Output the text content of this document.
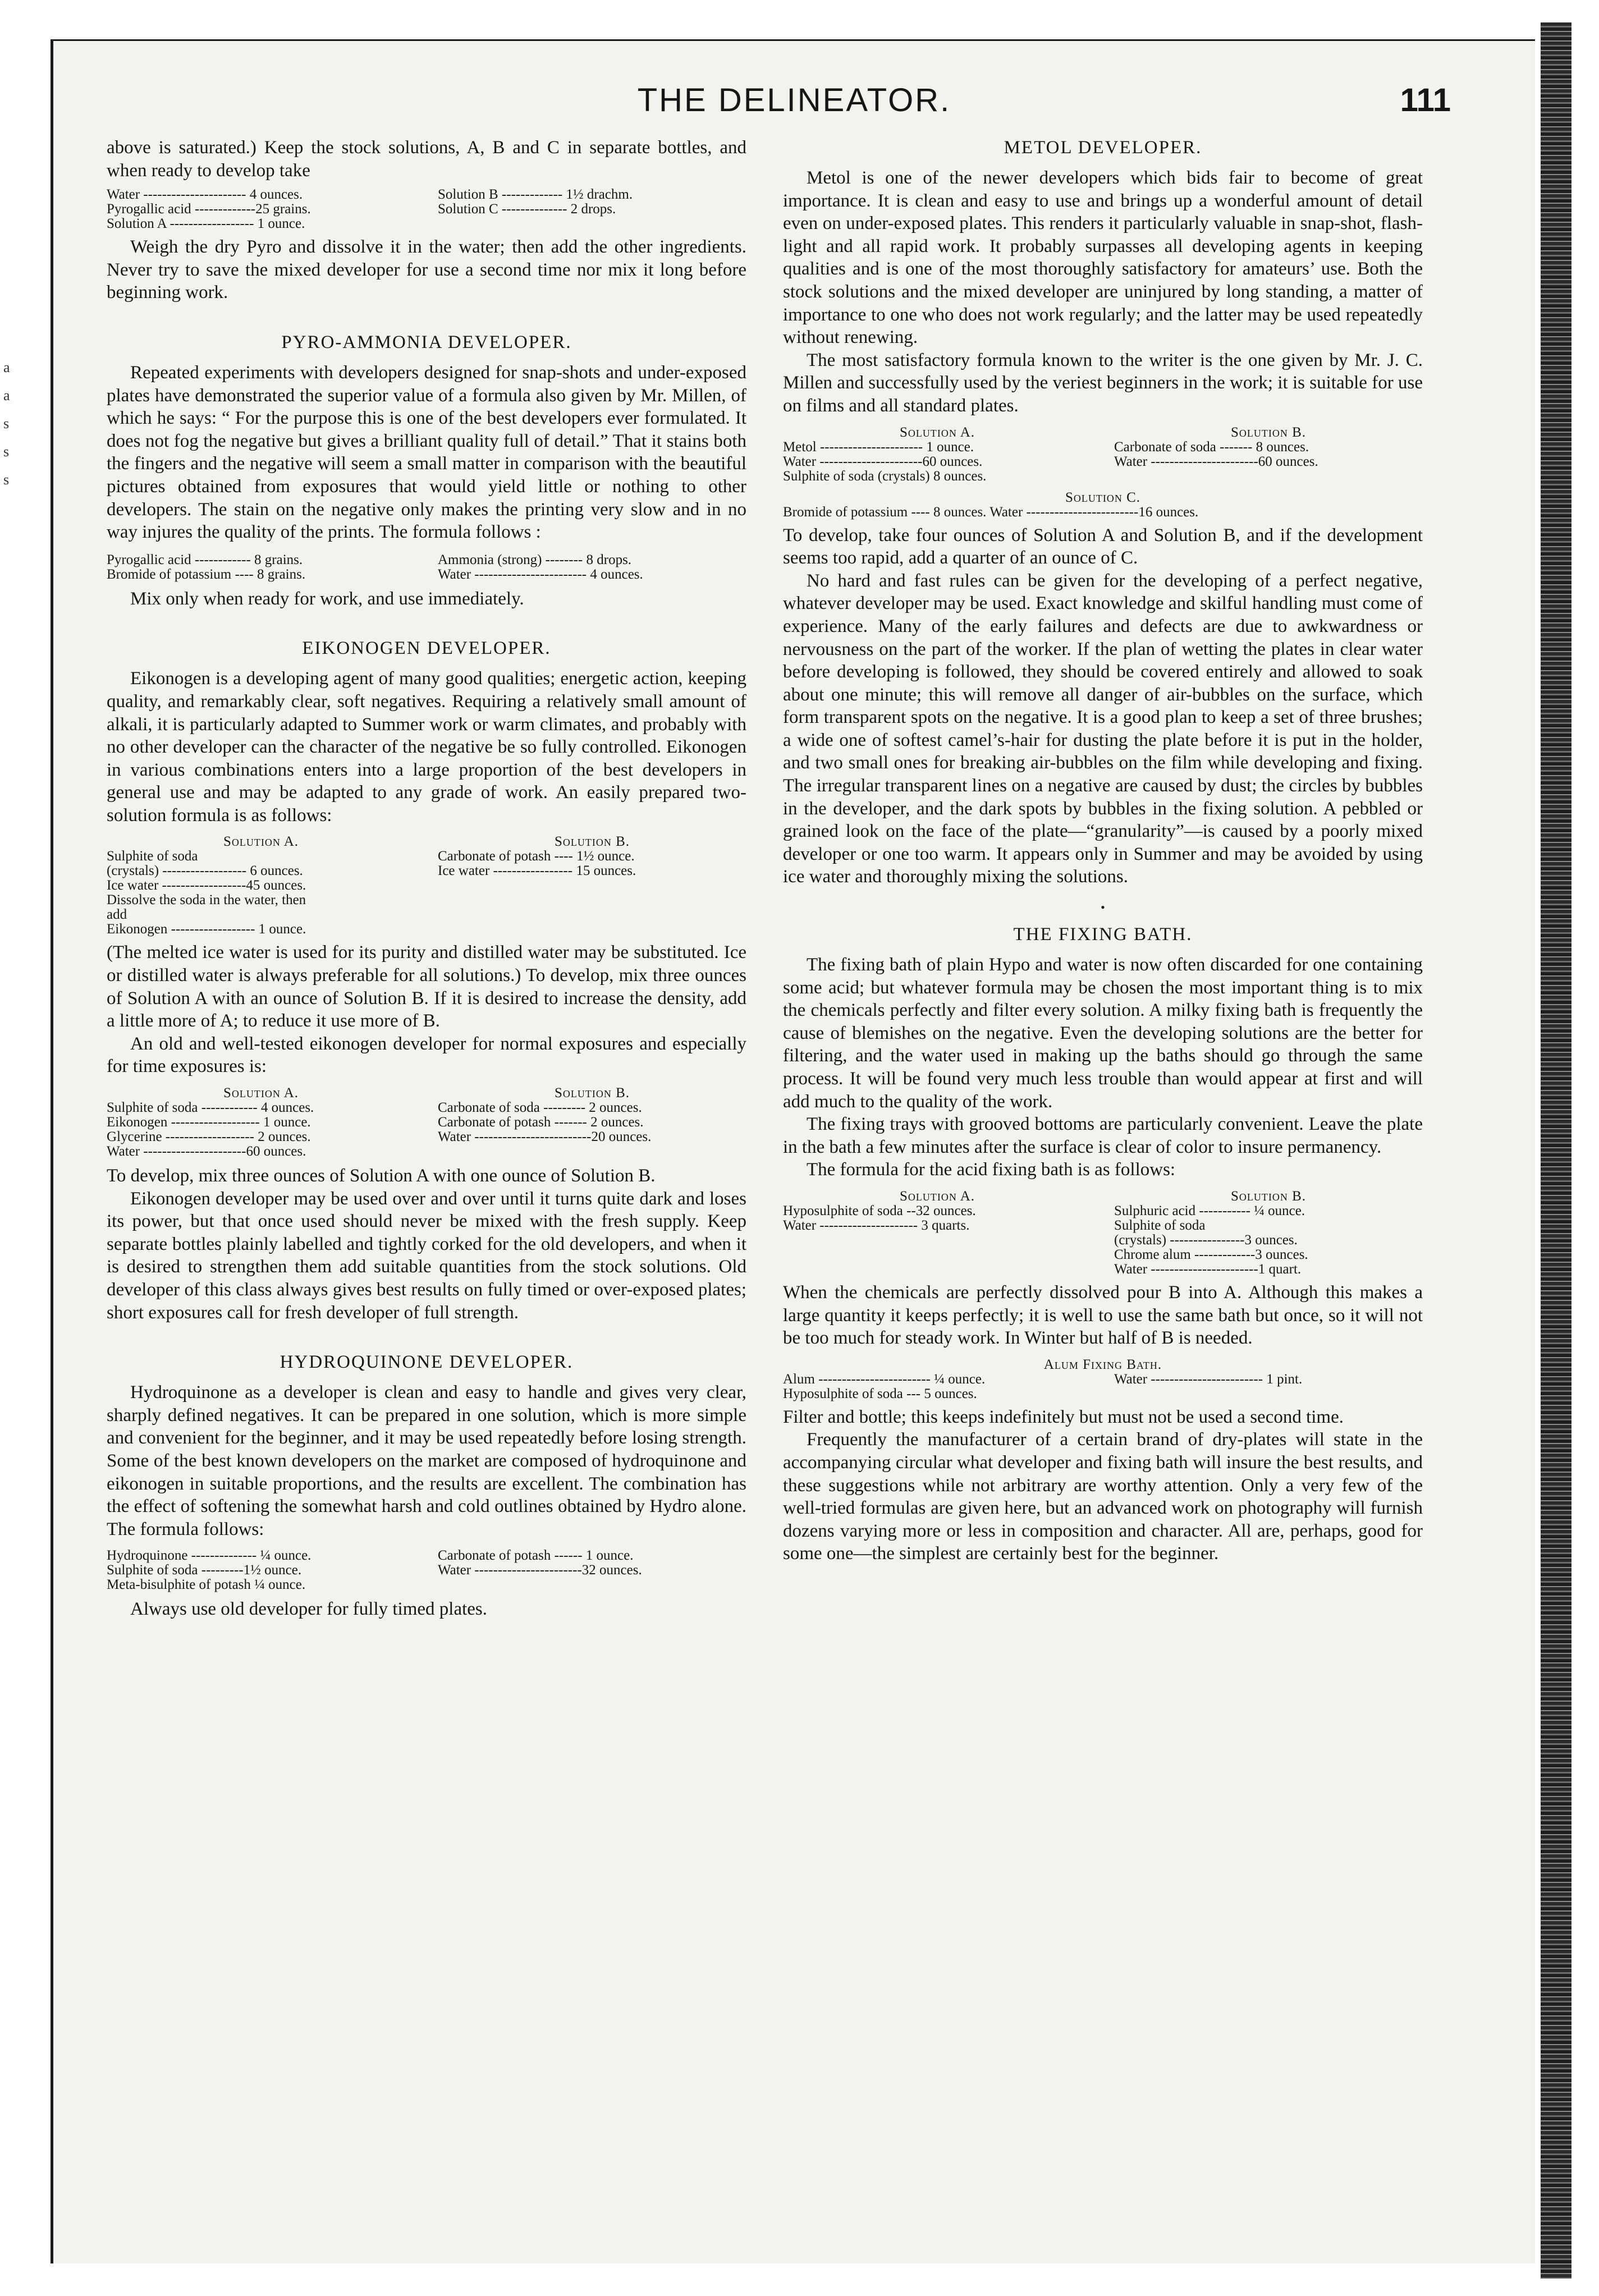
a
a
s
s
s
THE DELINEATOR.	111

above is saturated.) Keep the stock solutions, A, B and C in separate bottles, and when ready to develop take

Water ---------------------- 4 ounces.
Pyrogallic acid -------------25 grains.
Solution A ------------------ 1 ounce.
Solution B ------------- 1½ drachm.
Solution C -------------- 2 drops.

Weigh the dry Pyro and dissolve it in the water; then add the other ingredients. Never try to save the mixed developer for use a second time nor mix it long before beginning work.

PYRO-AMMONIA DEVELOPER.

Repeated experiments with developers designed for snap-shots and under-exposed plates have demonstrated the superior value of a formula also given by Mr. Millen, of which he says: “ For the purpose this is one of the best developers ever formulated. It does not fog the negative but gives a brilliant quality full of detail.” That it stains both the fingers and the negative will seem a small matter in comparison with the beautiful pictures obtained from exposures that would yield little or nothing to other developers. The stain on the negative only makes the printing very slow and in no way injures the quality of the prints. The formula follows :

Pyrogallic acid ------------ 8 grains.
Bromide of potassium ---- 8 grains.
Ammonia (strong) -------- 8 drops.
Water ------------------------ 4 ounces.

Mix only when ready for work, and use immediately.

EIKONOGEN DEVELOPER.

Eikonogen is a developing agent of many good qualities; energetic action, keeping quality, and remarkably clear, soft negatives. Requiring a relatively small amount of alkali, it is particularly adapted to Summer work or warm climates, and probably with no other developer can the character of the negative be so fully controlled. Eikonogen in various combinations enters into a large proportion of the best developers in general use and may be adapted to any grade of work. An easily prepared two-solution formula is as follows:

Solution A.
Sulphite of soda
(crystals) ------------------ 6 ounces.
Ice water ------------------45 ounces.
Dissolve the soda in the water, then
add
Eikonogen ------------------ 1 ounce.
Solution B.
Carbonate of potash ---- 1½ ounce.
Ice water ----------------- 15 ounces.

(The melted ice water is used for its purity and distilled water may be substituted. Ice or distilled water is always preferable for all solutions.) To develop, mix three ounces of Solution A with an ounce of Solution B. If it is desired to increase the density, add a little more of A; to reduce it use more of B.

An old and well-tested eikonogen developer for normal exposures and especially for time exposures is:

Solution A.
Sulphite of soda ------------ 4 ounces.
Eikonogen ------------------- 1 ounce.
Glycerine ------------------- 2 ounces.
Water ----------------------60 ounces.
Solution B.
Carbonate of soda --------- 2 ounces.
Carbonate of potash ------- 2 ounces.
Water -------------------------20 ounces.

To develop, mix three ounces of Solution A with one ounce of Solution B.

Eikonogen developer may be used over and over until it turns quite dark and loses its power, but that once used should never be mixed with the fresh supply. Keep separate bottles plainly labelled and tightly corked for the old developers, and when it is desired to strengthen them add suitable quantities from the stock solutions. Old developer of this class always gives best results on fully timed or over-exposed plates; short exposures call for fresh developer of full strength.

HYDROQUINONE DEVELOPER.

Hydroquinone as a developer is clean and easy to handle and gives very clear, sharply defined negatives. It can be prepared in one solution, which is more simple and convenient for the beginner, and it may be used repeatedly before losing strength. Some of the best known developers on the market are composed of hydroquinone and eikonogen in suitable proportions, and the results are excellent. The combination has the effect of softening the somewhat harsh and cold outlines obtained by Hydro alone. The formula follows:

Hydroquinone -------------- ¼ ounce.
Sulphite of soda ---------1½ ounce.
Meta-bisulphite of potash ¼ ounce.
Carbonate of potash ------ 1 ounce.
Water -----------------------32 ounces.

Always use old developer for fully timed plates.

METOL DEVELOPER.

Metol is one of the newer developers which bids fair to become of great importance. It is clean and easy to use and brings up a wonderful amount of detail even on under-exposed plates. This renders it particularly valuable in snap-shot, flash-light and all rapid work. It probably surpasses all developing agents in keeping qualities and is one of the most thoroughly satisfactory for amateurs’ use. Both the stock solutions and the mixed developer are uninjured by long standing, a matter of importance to one who does not work regularly; and the latter may be used repeatedly without renewing.

The most satisfactory formula known to the writer is the one given by Mr. J. C. Millen and successfully used by the veriest beginners in the work; it is suitable for use on films and all standard plates.

Solution A.
Metol ---------------------- 1 ounce.
Water ----------------------60 ounces.
Sulphite of soda (crystals) 8 ounces.
Solution B.
Carbonate of soda ------- 8 ounces.
Water -----------------------60 ounces.
Solution C.
Bromide of potassium ---- 8 ounces. Water ------------------------16 ounces.

To develop, take four ounces of Solution A and Solution B, and if the development seems too rapid, add a quarter of an ounce of C.

No hard and fast rules can be given for the developing of a perfect negative, whatever developer may be used. Exact knowledge and skilful handling must come of experience. Many of the early failures and defects are due to awkwardness or nervousness on the part of the worker. If the plan of wetting the plates in clear water before developing is followed, they should be covered entirely and allowed to soak about one minute; this will remove all danger of air-bubbles on the surface, which form transparent spots on the negative. It is a good plan to keep a set of three brushes; a wide one of softest camel’s-hair for dusting the plate before it is put in the holder, and two small ones for breaking air-bubbles on the film while developing and fixing. The irregular transparent lines on a negative are caused by dust; the circles by bubbles in the developer, and the dark spots by bubbles in the fixing solution. A pebbled or grained look on the face of the plate—“granularity”—is caused by a poorly mixed developer or one too warm. It appears only in Summer and may be avoided by using ice water and thoroughly mixing the solutions.

•
THE FIXING BATH.

The fixing bath of plain Hypo and water is now often discarded for one containing some acid; but whatever formula may be chosen the most important thing is to mix the chemicals perfectly and filter every solution. A milky fixing bath is frequently the cause of blemishes on the negative. Even the developing solutions are the better for filtering, and the water used in making up the baths should go through the same process. It will be found very much less trouble than would appear at first and will add much to the quality of the work.

The fixing trays with grooved bottoms are particularly convenient. Leave the plate in the bath a few minutes after the surface is clear of color to insure permanency.

The formula for the acid fixing bath is as follows:

Solution A.
Hyposulphite of soda --32 ounces.
Water --------------------- 3 quarts.
Solution B.
Sulphuric acid ----------- ¼ ounce.
Sulphite of soda
(crystals) ----------------3 ounces.
Chrome alum -------------3 ounces.
Water -----------------------1 quart.

When the chemicals are perfectly dissolved pour B into A. Although this makes a large quantity it keeps perfectly; it is well to use the same bath but once, so it will not be too much for steady work. In Winter but half of B is needed.

Alum Fixing Bath.
Alum ------------------------ ¼ ounce.
Hyposulphite of soda --- 5 ounces.
Water ------------------------ 1 pint.

Filter and bottle; this keeps indefinitely but must not be used a second time.

Frequently the manufacturer of a certain brand of dry-plates will state in the accompanying circular what developer and fixing bath will insure the best results, and these suggestions while not arbitrary are worthy attention. Only a very few of the well-tried formulas are given here, but an advanced work on photography will furnish dozens varying more or less in composition and character. All are, perhaps, good for some one—the simplest are certainly best for the beginner.
